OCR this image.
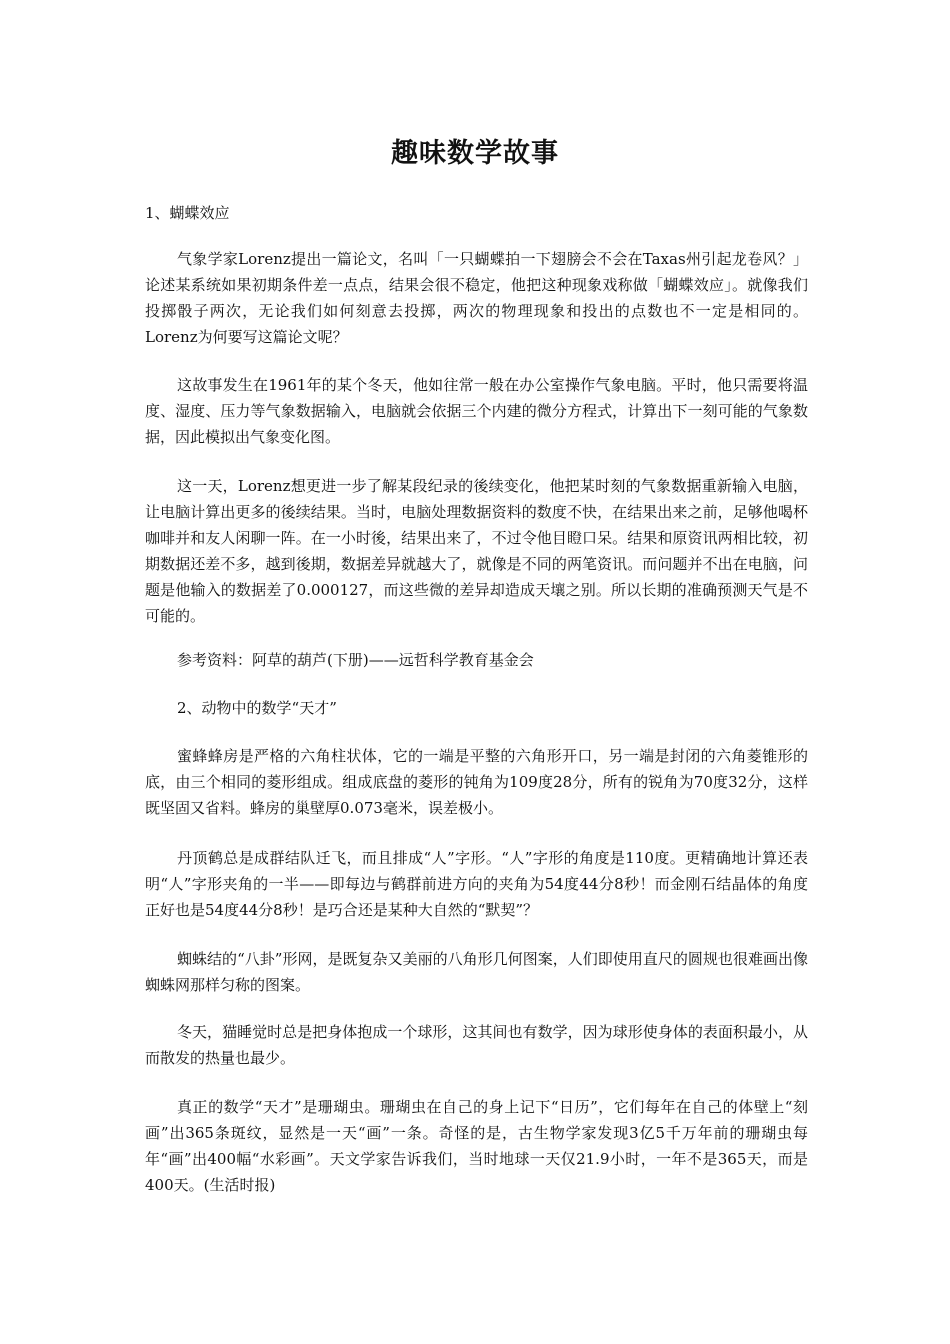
趣味数学故事

1、蝴蝶效应

气象学家Lorenz提出一篇论文，名叫「一只蝴蝶拍一下翅膀会不会在Taxas州引起龙卷风？」论述某系统如果初期条件差一点点，结果会很不稳定，他把这种现象戏称做「蝴蝶效应」。就像我们投掷骰子两次，无论我们如何刻意去投掷，两次的物理现象和投出的点数也不一定是相同的。Lorenz为何要写这篇论文呢？

这故事发生在1961年的某个冬天，他如往常一般在办公室操作气象电脑。平时，他只需要将温度、湿度、压力等气象数据输入，电脑就会依据三个内建的微分方程式，计算出下一刻可能的气象数据，因此模拟出气象变化图。

这一天，Lorenz想更进一步了解某段纪录的後续变化，他把某时刻的气象数据重新输入电脑，让电脑计算出更多的後续结果。当时，电脑处理数据资料的数度不快，在结果出来之前，足够他喝杯咖啡并和友人闲聊一阵。在一小时後，结果出来了，不过令他目瞪口呆。结果和原资讯两相比较，初期数据还差不多，越到後期，数据差异就越大了，就像是不同的两笔资讯。而问题并不出在电脑，问题是他输入的数据差了0.000127，而这些微的差异却造成天壤之别。所以长期的准确预测天气是不可能的。

参考资料：阿草的葫芦(下册)——远哲科学教育基金会

2、动物中的数学“天才”

蜜蜂蜂房是严格的六角柱状体，它的一端是平整的六角形开口，另一端是封闭的六角菱锥形的底，由三个相同的菱形组成。组成底盘的菱形的钝角为109度28分，所有的锐角为70度32分，这样既坚固又省料。蜂房的巢壁厚0.073毫米，误差极小。

丹顶鹤总是成群结队迁飞，而且排成“人”字形。“人”字形的角度是110度。更精确地计算还表明“人”字形夹角的一半——即每边与鹤群前进方向的夹角为54度44分8秒！而金刚石结晶体的角度正好也是54度44分8秒！是巧合还是某种大自然的“默契”？

蜘蛛结的“八卦”形网，是既复杂又美丽的八角形几何图案，人们即使用直尺的圆规也很难画出像蜘蛛网那样匀称的图案。

冬天，猫睡觉时总是把身体抱成一个球形，这其间也有数学，因为球形使身体的表面积最小，从而散发的热量也最少。

真正的数学“天才”是珊瑚虫。珊瑚虫在自己的身上记下“日历”，它们每年在自己的体壁上“刻画”出365条斑纹，显然是一天“画”一条。奇怪的是，古生物学家发现3亿5千万年前的珊瑚虫每年“画”出400幅“水彩画”。天文学家告诉我们，当时地球一天仅21.9小时，一年不是365天，而是400天。(生活时报)
